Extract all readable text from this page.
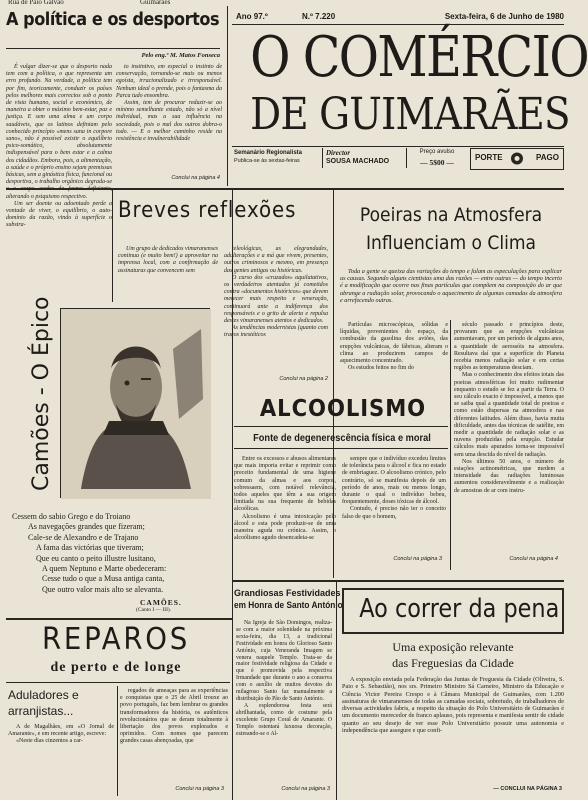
Rua de Paio Galvão	Guimarães
A política e os desportos
Pelo eng.º M. Matos Fonseca

É vulgar dizer-se que o desporto nada tem com a política, o que representa um erro profundo. Na verdade, a política tem por fim, teoricamente, conduzir os países pelos melhores mais correctos sob o ponto de vista humano, social e económico, de maneira a obter o máximo bem-estar, paz e justiça. E sem uma alma e um corpo saudáveis, que os latinos definiam pelo conhecido princípio «mens sana in corpore sano», não é possível existir o equilíbrio psico-somático, absolutamente indispensável para o bem estar e a calma dos cidadãos. Embora, pois, a alimentação, a saúde e o próprio ensino sejam premissas básicas, sem a ginástica física, funcional ou desportiva, o trabalho orgânico degrada-se e o corpo acaba de forma deficiente, alterando o psiquismo respectivo.

Um ser doente ou adoentado perde a vontade de viver, o equilíbrio, o auto-domínio da razão, vindo à superfície o substra-

to instintivo, em especial o instinto de conservação, tornando-se mais ou menos egoísta, irracionalizado e irresponsável. Nenhum ideal o prende, pois o fantasma da Parca tudo ensombra.

Assim, tem de procurar reduzir-se ao mínimo semelhante estado, não só a nível individual, mas a sua influência na sociedade, pois o mal dos outros dobra-o todo. — E o melhor caminho reside na resistência e invulnerabilidade

Conclui na página 4
Ano 97.º	N.º 7.220	Sexta-feira, 6 de Junho de 1980
O COMÉRCIO
DE GUIMARÃES
Semanário Regionalista
Publica-se às sextas-feiras
Director
SOUSA MACHADO
Preço avulso
— 5$00 —
PORTE	PAGO
Breves reflexões

Um grupo de dedicados vimaranenses continua (e muito bem!) a aproveitar na imprensa local, com a confirmação de assinaturas que convencem sem

teleológicas, as elegrandades, adulterações e a má que vivem, presentes, outros criminosos e mesmo, em presença das gentes antigas ou históricas.

O curso dos «cruzados» aquilatativos, os verdadeiros atentados já cometidos contra «documentos históricos» que devem merecer mais respeito e veneração, continuará ante a indiferença dos responsáveis e o grito de alerta e repulsa destes vimaranenses atentos e dedicados.

As tendências modernistas (quanto com traços inestéticos

Conclui na página 2
Camões - O Épico
Cessem do sabio Grego e do Troiano
As navegações grandes que fizeram;
Cale-se de Alexandro e de Trajano
A fama das victórias que tiveram;
Que eu canto o peito illustre lusitano,
A quem Neptuno e Marte obedeceram:
Cesse tudo o que a Musa antiga canta,
Que outro valor mais alto se alevanta.
CAMÕES.
(Canto I — III).
Poeiras na Atmosfera
Influenciam o Clima

Toda a gente se queixa das variações do tempo e falam as especulações para explicar as causas. Segundo alguns cientistas uma das razões — entre outras — do tempo incerto é a modificação que ocorre nas finas partículas que compõem na composição do ar que abrange a radiação solar, provocando o aquecimento de algumas camadas da atmosfera e arrefecendo outras.

Partículas microscópicas, sólidas e líquidas, provenientes do espaço, da combustão da gasolina dos aviões, das erupções vulcânicas, de fábricas, alteram o clima ao produzirem campos de aquecimento concentrado.

Os estudos feitos no fim do

século passado e princípios deste, provaram que as erupções vulcânicas aumentavam, por um período de alguns anos, a quantidade de aerossóis na atmosfera. Resultava daí que a superfície do Planeta recebia menos radiação solar e em certas regiões as temperaturas desciam.

Mas o conhecimento dos efeitos totais das poeiras atmosféricas foi muito rudimentar enquanto o estudo se fez a partir da Terra. O seu cálculo exacto é impossível, a menos que se saiba qual a quantidade total de poeiras e como estão dispersas na atmosfera e nas diferentes latitudes. Além disso, havia muita dificuldade, antes das técnicas de satélite, em medir a quantidade de radiação solar e as nuvens produzidas pela erupção. Estudar cálculos mais apurados torna-se impossível sem uma descida do nível de radiação.

Nos últimos 50 anos, o número de estações actinométricas, que medem a intensidade das radiações luminosas aumentou consideravelmente e a realização de amostras de ar com instru-

Conclui na página 4
ALCOOLISMO
Fonte de degenerescência física e moral

Entre os excessos e abusos alimentares que mais importa evitar e reprimir como preceito fundamental de uma higiene comum da almas e aos corpos, sobressaem, com notável relevância, todos aqueles que têm a sua origem limitada na sua frequente de bebidas alcoólicas.

Alcoolismo é uma intoxicação pelo álcool e esta pode produzir-se de uma maneira aguda ou crónica. Assim, o alcoólismo agudo desencadeia-se

sempre que o indivíduo excedeu limites de tolerância para o álcool e fica no estado de embriaguez. O alcoolismo crónico, pelo contrário, só se manifesta depois de um período de anos, mais ou menos longo, durante o qual o indivíduo bebeu, frequentemente, doses tóxicas de álcool.

Contudo, é preciso não ter o conceito falso de que o homem,

Conclui na página 3
REPAROS
de perto e de longe
Aduladores e
arranjistas...

A de Magalhães, em «O Jornal de Amarante», e em recente artigo, escreve:

«Neste dias cinzentos a car-

regados de ameaças para as experiências e conquistas que o 25 de Abril trouxe ao povo português, faz bem lembrar os grandes transformadores da história, os autênticos revolucionários que se deram totalmente à libertação dos povos explorados e oprimidos. Com nomes que parecem grandes casas abençoadas, que

Conclui na página 3
Grandiosas Festividades
em Honra de Santo António

Na Igreja de São Domingos, realiza-se com a maior solenidade na próxima sexta-feira, dia 13, a tradicional Festividade em honra do Glorioso Santo António, cuja Veneranda Imagem se venera naquele Templo. Trata-se da maior festividade religiosa da Cidade e que é promovida pela respectiva Irmandade que durante o ano a conserva com o auxílio de muitos devotos do milagroso Santo faz manualmente a distribuição do Pão de Santo António.

A esplendorosa festa será abrilhantada, como de costume pela excelente Grupo Coral de Amarante. O Templo ostentará luxuosa decoração, estreando-se o Al-

Conclui na página 3
Ao correr da pena
Uma exposição relevante
das Freguesias da Cidade

A exposição enviada pela Federação das Juntas de Freguesia da Cidade (Oliveira, S. Paio e S. Sebastião), nos srs. Primeiro Ministro Sá Carneiro, Ministro da Educação e Ciência Victor Pereira Crespo e à Câmara Municipal de Guimarães, com 1.200 assinaturas de vimaranenses de todas as camadas sociais, sobretudo, de trabalhadores de diversas actividades fabris, a respeito da situação do Polo Universitário de Guimarães é um documento merecedor de franco aplauso, pois representa e manifesta sentir de cidade quanto ao seu desejo de ver esse Polo Universitário possuir uma autonomia e independência que assegure e que confi-

— CONCLUI NA PÁGINA 3
